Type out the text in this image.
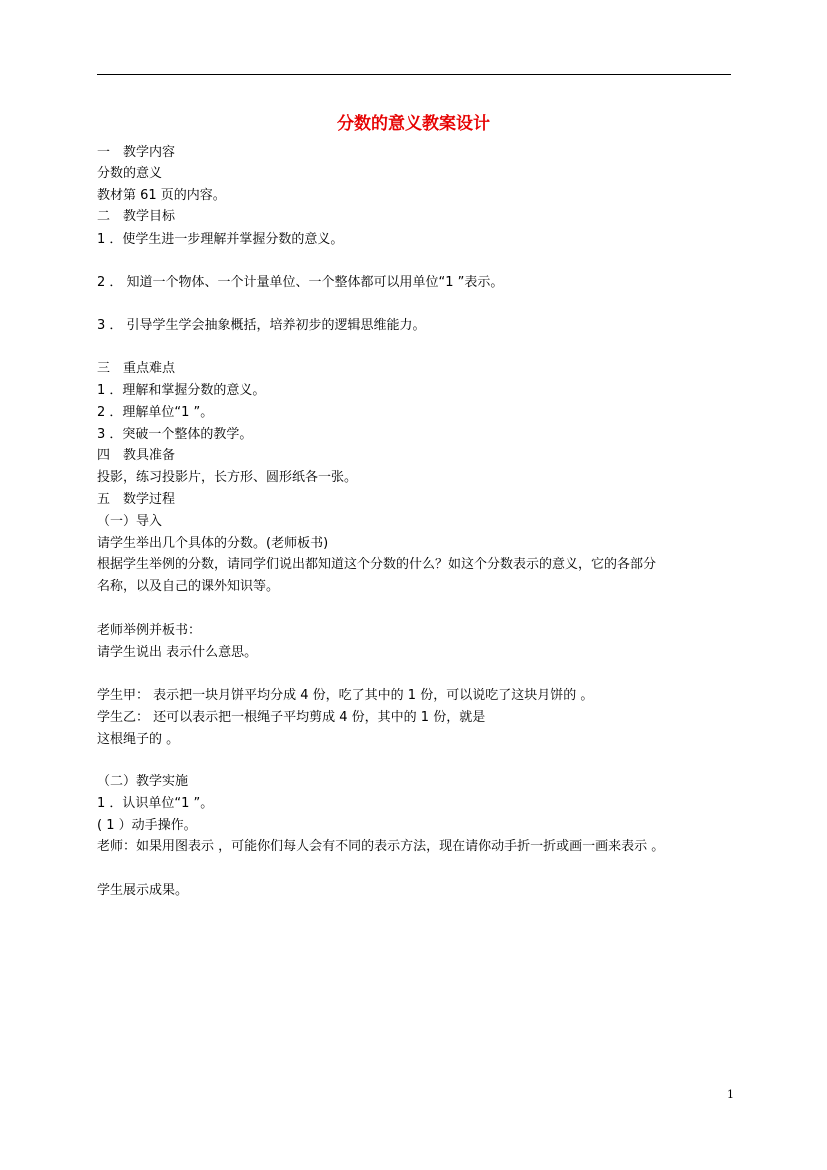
分数的意义教案设计
一　教学内容
分数的意义
教材第 61 页的内容。
二　教学目标
1 ．使学生进一步理解并掌握分数的意义。
2 ． 知道一个物体、一个计量单位、一个整体都可以用单位“1 ”表示。
3 ． 引导学生学会抽象概括，培养初步的逻辑思维能力。
三　重点难点
1 ．理解和掌握分数的意义。
2 ．理解单位“1 ”。
3 ．突破一个整体的教学。
四　教具准备
投影，练习投影片，长方形、圆形纸各一张。
五　数学过程
（一）导入
请学生举出几个具体的分数。(老师板书)
根据学生举例的分数，请同学们说出都知道这个分数的什么？如这个分数表示的意义，它的各部分
名称，以及自己的课外知识等。
老师举例并板书：
请学生说出 表示什么意思。
学生甲： 表示把一块月饼平均分成 4 份，吃了其中的 1 份，可以说吃了这块月饼的 。
学生乙： 还可以表示把一根绳子平均剪成 4 份，其中的 1 份，就是
这根绳子的 。
（二）教学实施
1 ．认识单位“1 ”。
( 1 ）动手操作。
老师：如果用图表示 ，可能你们每人会有不同的表示方法，现在请你动手折一折或画一画来表示 。
学生展示成果。
1
